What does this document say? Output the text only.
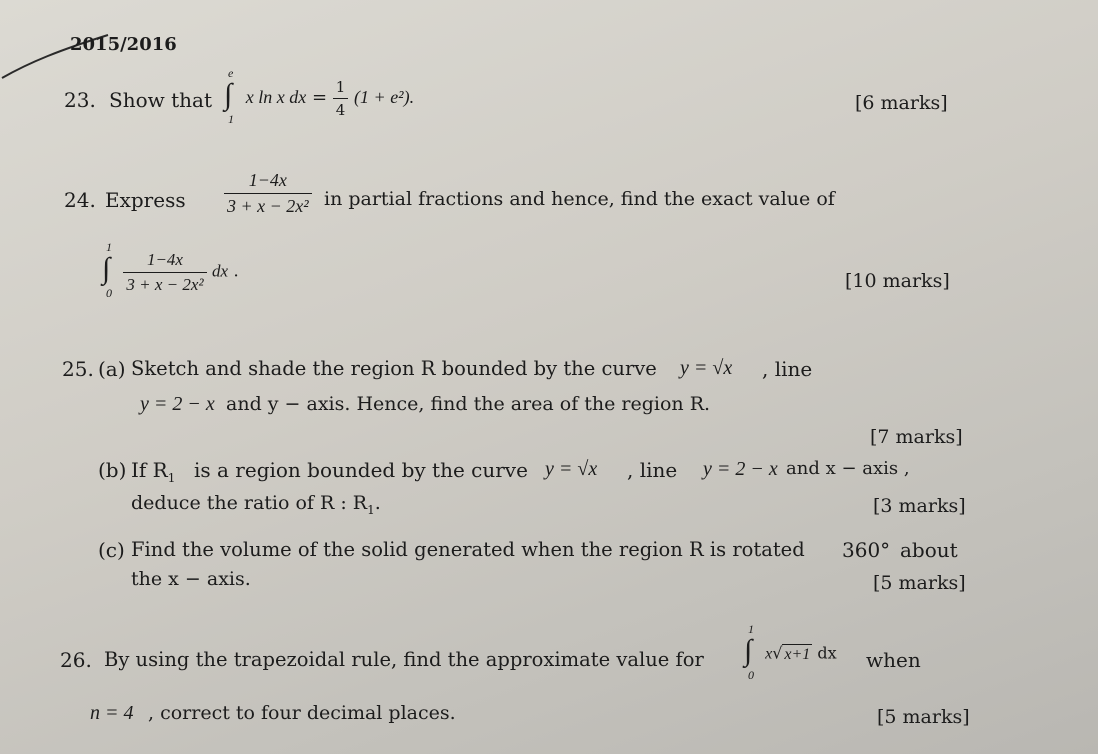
2015/2016
23. Show that ∫
e
1
x ln x dx = $\frac{1}{4} (1 + e^2)$.	[6 marks]
24. Express $\frac{1-4x}{\text{3 + x − 2x²}}$ in partial fractions and hence, find the exact value of
∫
1
0
$\frac{1-4x}{\text{3 + x − 2x²}}$ dx .	[10 marks]
25. (a) Sketch and shade the region R bounded by the curve y = √x , line
y = 2 − x and y − axis. Hence, find the area of the region R.
[7 marks]
(b) If $R_1$ is a region bounded by the curve y = √x , line y = 2 − x and x − axis ,
deduce the ratio of R : $R_1$.	[3 marks]
(c) Find the volume of the solid generated when the region R is rotated 360° about
the x − axis.	[5 marks]
26. By using the trapezoidal rule, find the approximate value for ∫
1
0
x√ x+1 dx when
n = 4 , correct to four decimal places.	[5 marks]
